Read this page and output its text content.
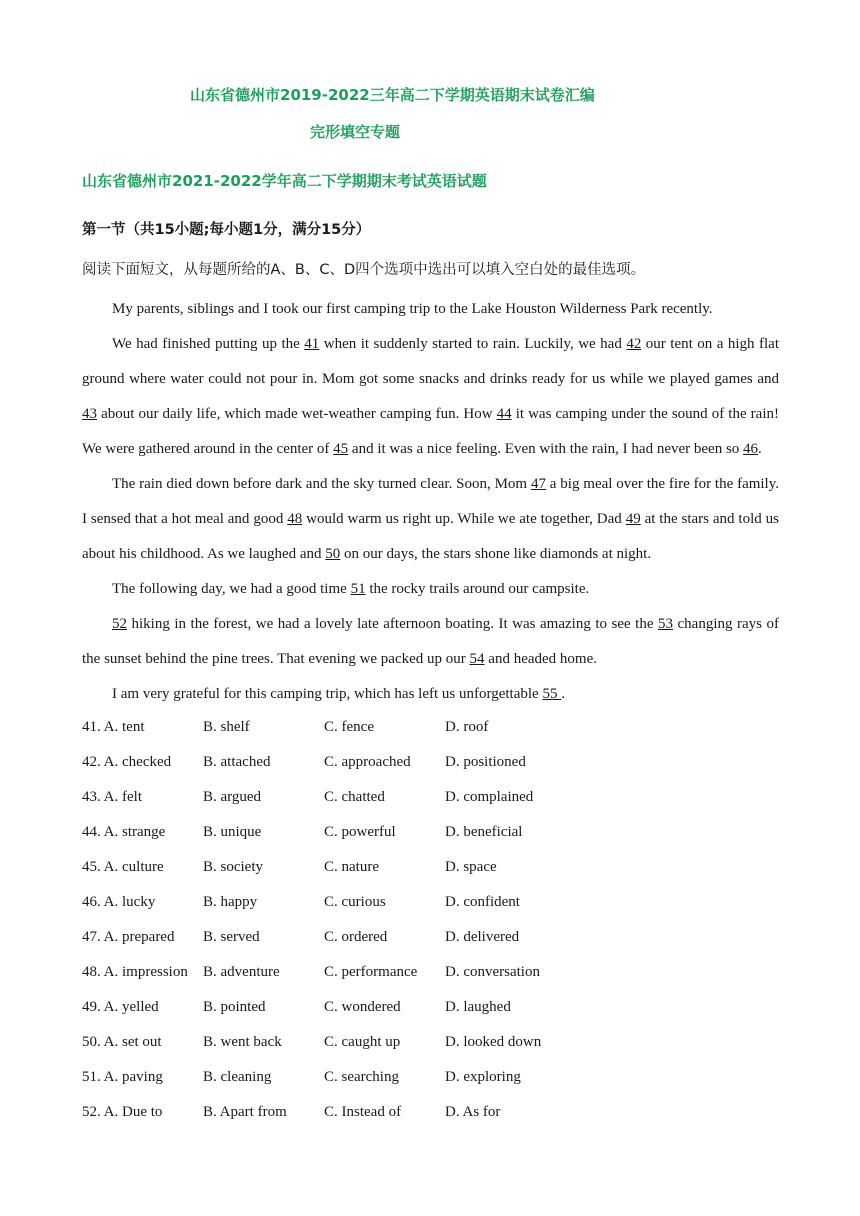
山东省德州市2019-2022三年高二下学期英语期末试卷汇编
完形填空专题
山东省德州市2021-2022学年高二下学期期末考试英语试题
第一节（共15小题;每小题1分，满分15分）
阅读下面短文，从每题所给的A、B、C、D四个选项中选出可以填入空白处的最佳选项。

My parents, siblings and I took our first camping trip to the Lake Houston Wilderness Park recently.

We had finished putting up the 41 when it suddenly started to rain. Luckily, we had 42 our tent on a high flat ground where water could not pour in. Mom got some snacks and drinks ready for us while we played games and 43 about our daily life, which made wet-weather camping fun. How 44 it was camping under the sound of the rain! We were gathered around in the center of 45 and it was a nice feeling. Even with the rain, I had never been so 46.

The rain died down before dark and the sky turned clear. Soon, Mom 47 a big meal over the fire for the family. I sensed that a hot meal and good 48 would warm us right up. While we ate together, Dad 49 at the stars and told us about his childhood. As we laughed and 50 on our days, the stars shone like diamonds at night.

The following day, we had a good time 51 the rocky trails around our campsite.

52 hiking in the forest, we had a lovely late afternoon boating. It was amazing to see the 53 changing rays of the sunset behind the pine trees. That evening we packed up our 54 and headed home.

I am very grateful for this camping trip, which has left us unforgettable 55 .

41. A. tent	B. shelf	C. fence	D. roof
42. A. checked B. attached	C. approached D. positioned
43. A. felt	B. argued	C. chatted	D. complained
44. A. strange	B. unique	C. powerful	D. beneficial
45. A. culture	B. society	C. nature	D. space
46. A. lucky	B. happy	C. curious	D. confident
47. A. prepared B. served	C. ordered	D. delivered
48. A. impression B. adventure	C. performance D. conversation
49. A. yelled	B. pointed	C. wondered	D. laughed
50. A. set out	B. went back	C. caught up	D. looked down
51. A. paving	B. cleaning	C. searching	D. exploring
52. A. Due to	B. Apart from C. Instead of	D. As for
